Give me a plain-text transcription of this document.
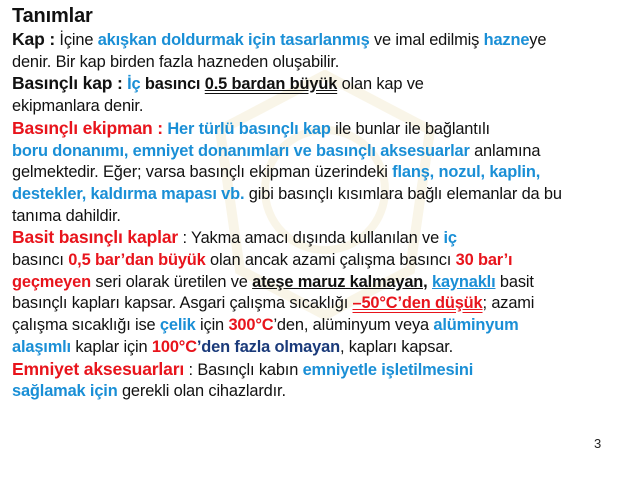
Tanımlar
Kap : İçine akışkan doldurmak için tasarlanmış ve imal edilmiş hazneye
denir. Bir kap birden fazla hazneden oluşabilir.
Basınçlı kap : İç basıncı 0.5 bardan büyük olan kap ve
ekipmanlara denir.
Basınçlı ekipman : Her türlü basınçlı kap ile bunlar ile bağlantılı
boru donanımı, emniyet donanımları ve basınçlı aksesuarlar anlamına
gelmektedir. Eğer; varsa basınçlı ekipman üzerindeki flanş, nozul, kaplin,
destekler, kaldırma mapası vb. gibi basınçlı kısımlara bağlı elemanlar da bu
tanıma dahildir.
Basit basınçlı kaplar : Yakma amacı dışında kullanılan ve iç
basıncı 0,5 bar’dan büyük olan ancak azami çalışma basıncı 30 bar’ı
geçmeyen seri olarak üretilen ve ateşe maruz kalmayan, kaynaklı basit
basınçlı kapları kapsar. Asgari çalışma sıcaklığı –50°C’den düşük; azami
çalışma sıcaklığı ise çelik için 300°C’den, alüminyum veya alüminyum
alaşımlı kaplar için 100°C’den fazla olmayan, kapları kapsar.
Emniyet aksesuarları : Basınçlı kabın emniyetle işletilmesini
sağlamak için gerekli olan cihazlardır.
3
